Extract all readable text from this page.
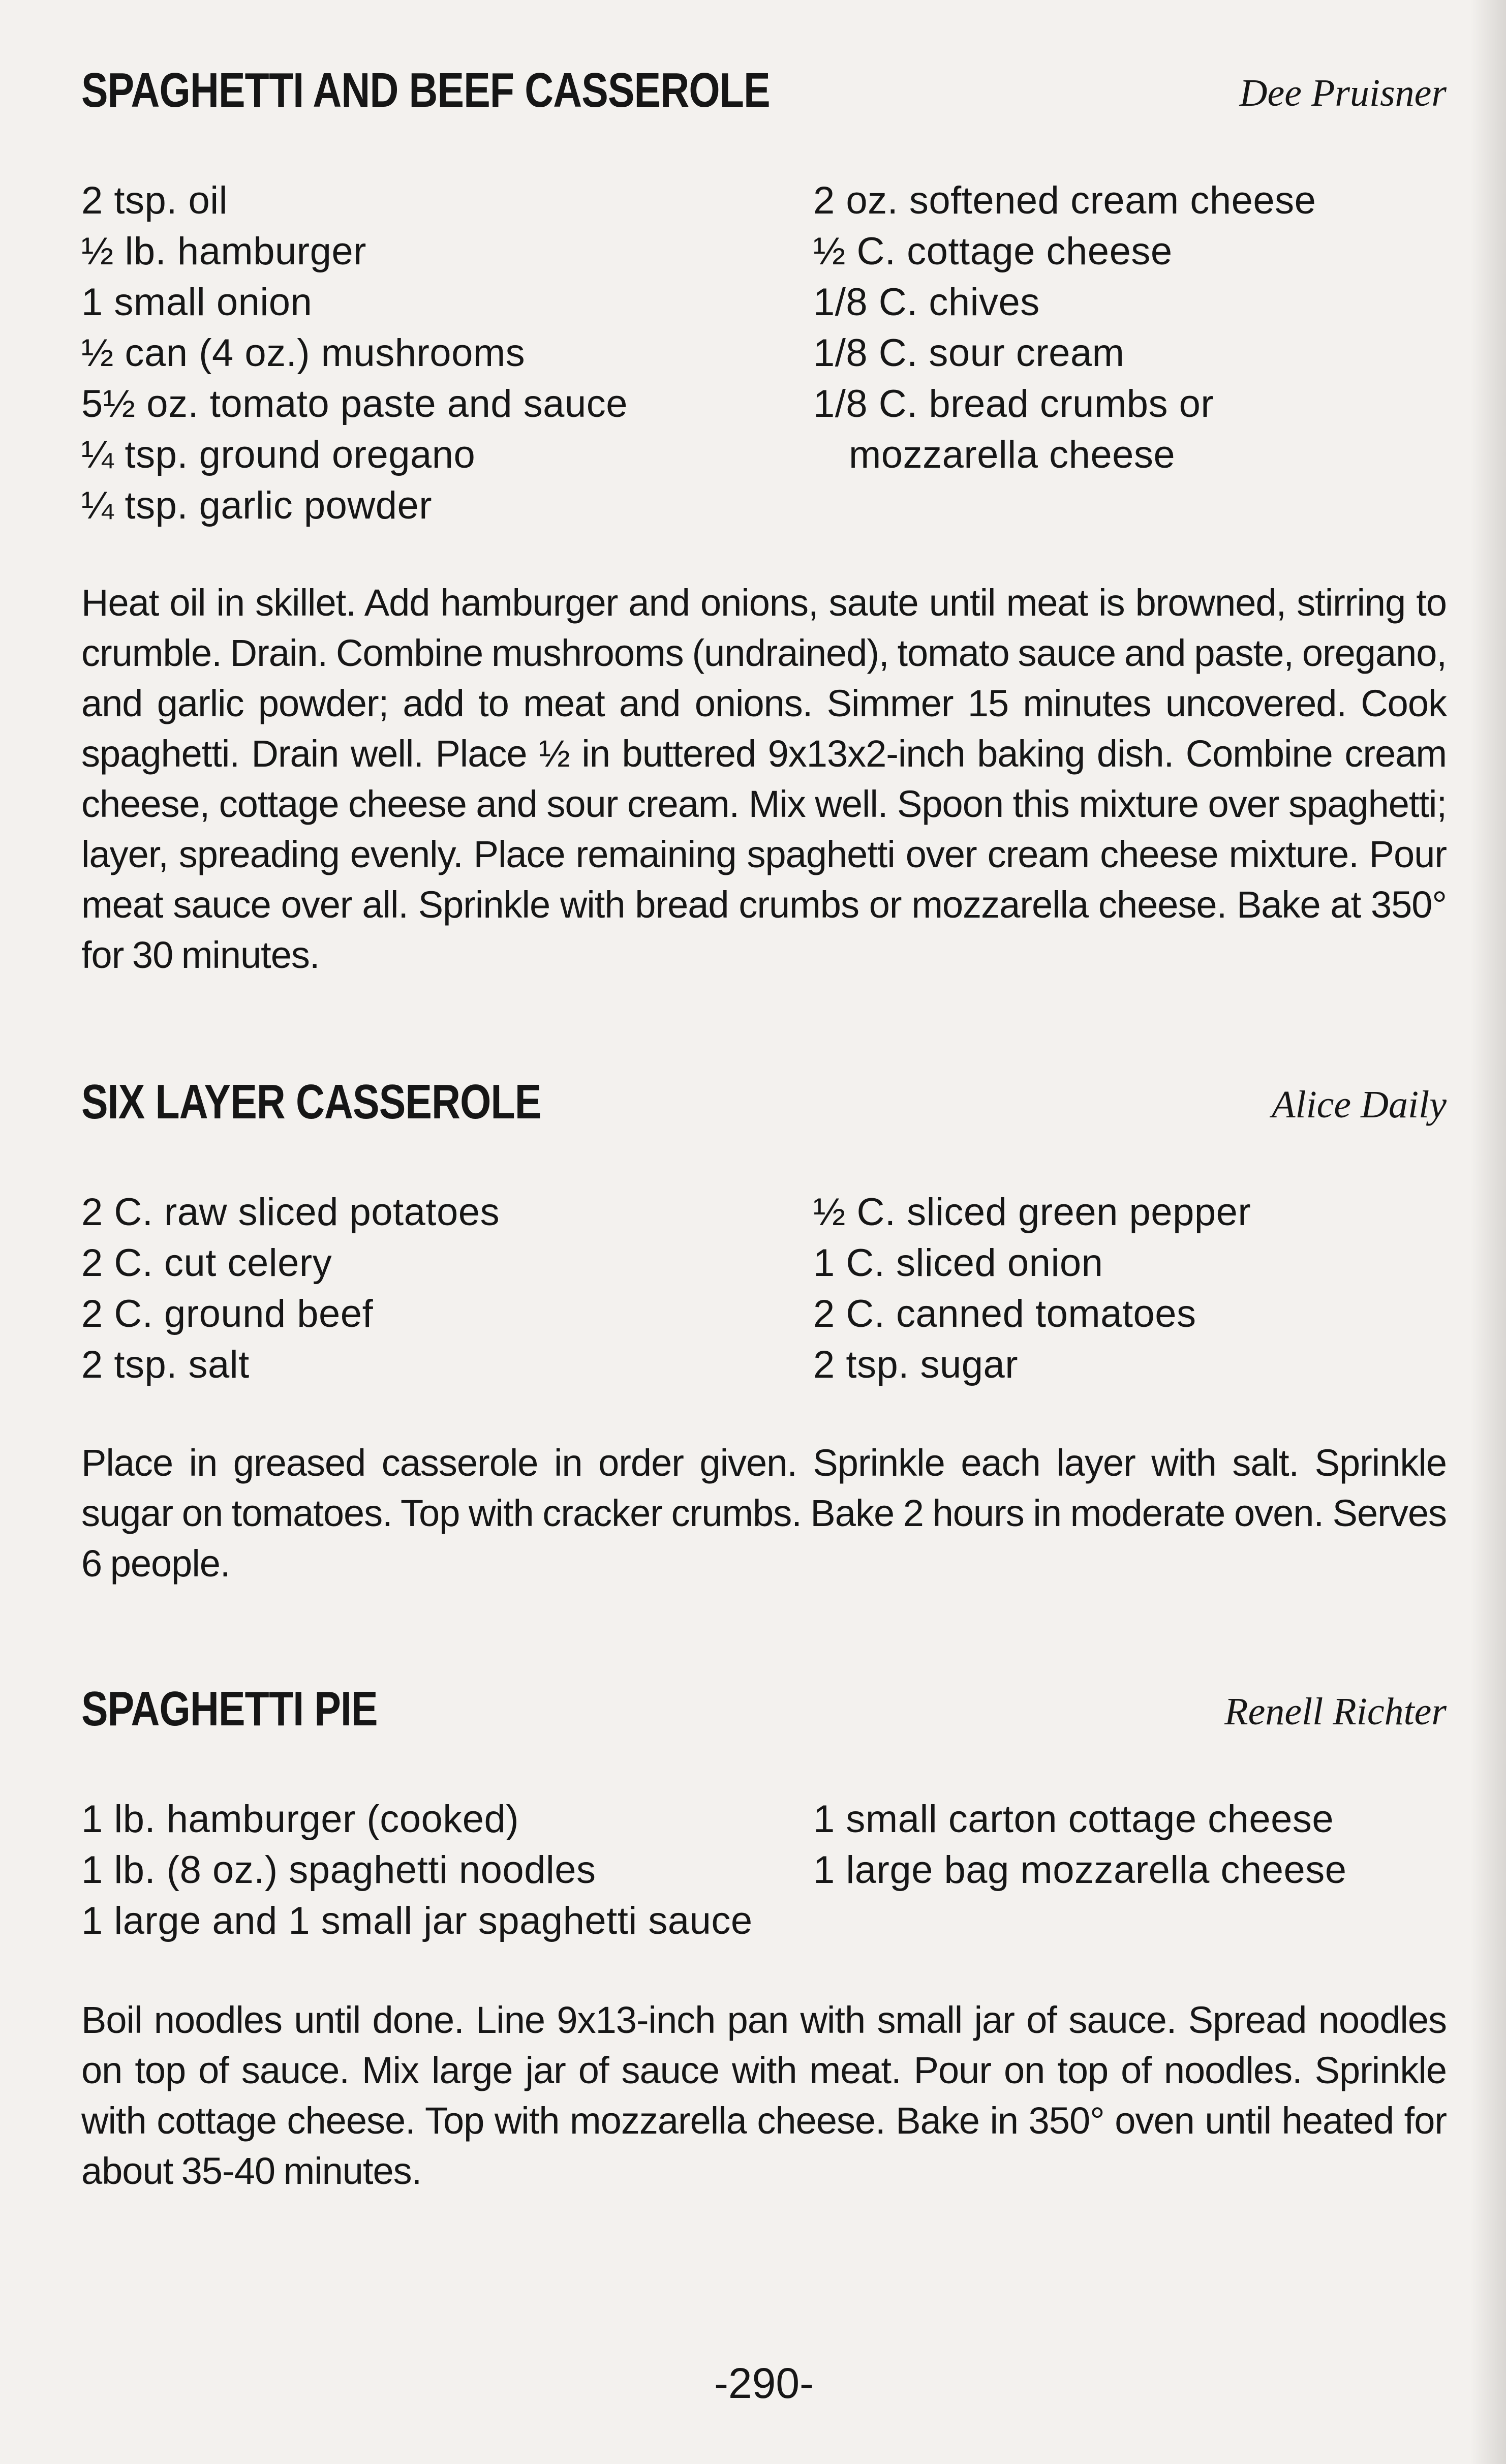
SPAGHETTI AND BEEF CASSEROLE	Dee Pruisner
2 tsp. oil
½ lb. hamburger
1 small onion
½ can (4 oz.) mushrooms
5½ oz. tomato paste and sauce
¼ tsp. ground oregano
¼ tsp. garlic powder
2 oz. softened cream cheese
½ C. cottage cheese
1/8 C. chives
1/8 C. sour cream
1/8 C. bread crumbs or
mozzarella cheese

Heat oil in skillet. Add hamburger and onions, saute until meat is browned, stirring to crumble. Drain. Combine mushrooms (undrained), tomato sauce and paste, oregano, and garlic powder; add to meat and onions. Simmer 15 minutes uncovered. Cook spaghetti. Drain well. Place ½ in buttered 9x13x2-inch baking dish. Combine cream cheese, cottage cheese and sour cream. Mix well. Spoon this mixture over spaghetti; layer, spreading evenly. Place remaining spaghetti over cream cheese mixture. Pour meat sauce over all. Sprinkle with bread crumbs or mozzarella cheese. Bake at 350° for 30 minutes.

SIX LAYER CASSEROLE	Alice Daily
2 C. raw sliced potatoes
2 C. cut celery
2 C. ground beef
2 tsp. salt
½ C. sliced green pepper
1 C. sliced onion
2 C. canned tomatoes
2 tsp. sugar

Place in greased casserole in order given. Sprinkle each layer with salt. Sprinkle sugar on tomatoes. Top with cracker crumbs. Bake 2 hours in moderate oven. Serves 6 people.

SPAGHETTI PIE	Renell Richter
1 lb. hamburger (cooked)
1 lb. (8 oz.) spaghetti noodles
1 large and 1 small jar spaghetti sauce
1 small carton cottage cheese
1 large bag mozzarella cheese

Boil noodles until done. Line 9x13-inch pan with small jar of sauce. Spread noodles on top of sauce. Mix large jar of sauce with meat. Pour on top of noodles. Sprinkle with cottage cheese. Top with mozzarella cheese. Bake in 350° oven until heated for about 35-40 minutes.

-290-
